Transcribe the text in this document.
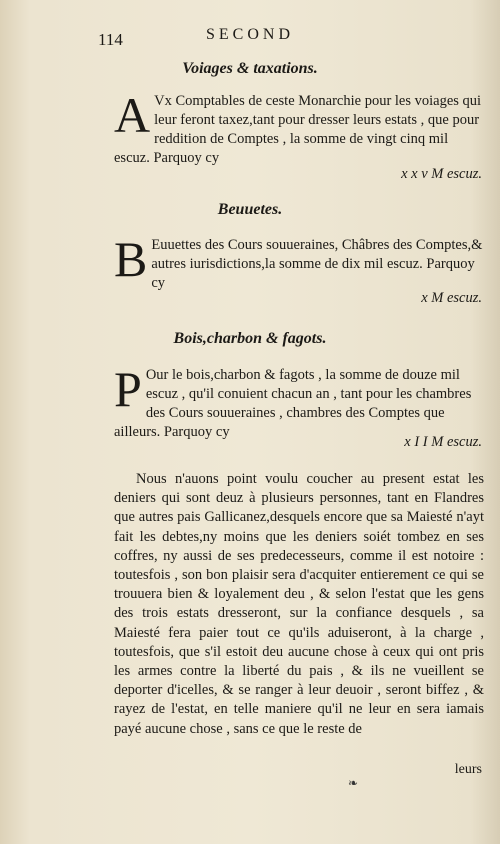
114	SECOND
Voiages & taxations.
A Vx Comptables de ceste Monarchie pour les voiages qui leur feront taxez,tant pour dresser leurs estats , que pour reddition de Comptes , la somme de vingt cinq mil escuz. Parquoy cy
x x v M escuz.
Beuuetes.
B Euuettes des Cours souueraines, Châbres des Comptes,& autres iurisdictions,la somme de dix mil escuz. Parquoy cy
x M escuz.
Bois,charbon & fagots.
P Our le bois,charbon & fagots , la somme de douze mil escuz , qu'il conuient chacun an , tant pour les chambres des Cours souueraines , chambres des Comptes que ailleurs. Parquoy cy
x I I M escuz.

Nous n'auons point voulu coucher au present estat les deniers qui sont deuz à plusieurs personnes, tant en Flandres que autres pais Gallicanez,desquels encore que sa Maiesté n'ayt fait les debtes,ny moins que les deniers soiét tombez en ses coffres, ny aussi de ses predecesseurs, comme il est notoire : toutesfois , son bon plaisir sera d'acquiter entierement ce qui se trouuera bien & loyalement deu , & selon l'estat que les gens des trois estats dresseront, sur la confiance desquels , sa Maiesté fera paier tout ce qu'ils aduiseront, à la charge , toutesfois, que s'il estoit deu aucune chose à ceux qui ont pris les armes contre la liberté du pais , & ils ne vueillent se deporter d'icelles, & se ranger à leur deuoir , seront biffez , & rayez de l'estat, en telle maniere qu'il ne leur en sera iamais payé aucune chose , sans ce que le reste de

leurs
❧
